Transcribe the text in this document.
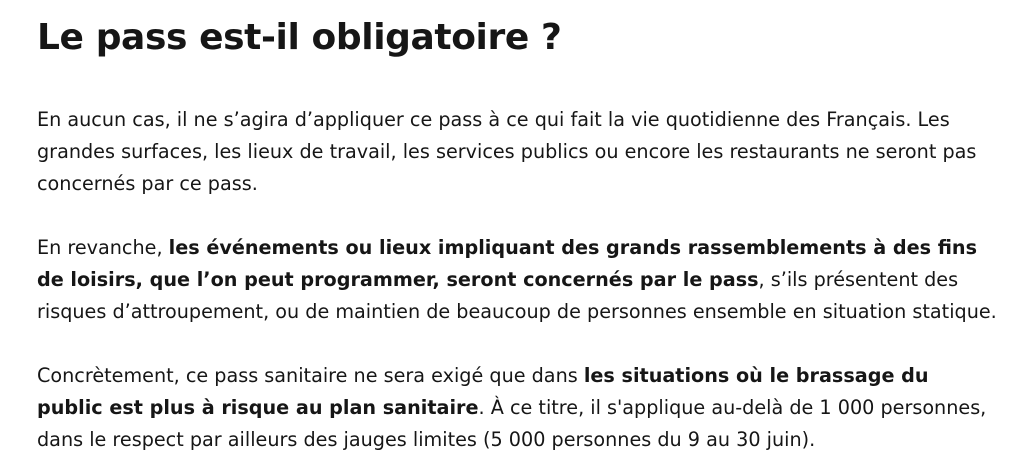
Le pass est-il obligatoire ?

En aucun cas, il ne s’agira d’appliquer ce pass à ce qui fait la vie quotidienne des Français. Les grandes surfaces, les lieux de travail, les services publics ou encore les restaurants ne seront pas concernés par ce pass.

En revanche, les événements ou lieux impliquant des grands rassemblements à des fins de loisirs, que l’on peut programmer, seront concernés par le pass, s’ils présentent des risques d’attroupement, ou de maintien de beaucoup de personnes ensemble en situation statique.

Concrètement, ce pass sanitaire ne sera exigé que dans les situations où le brassage du public est plus à risque au plan sanitaire. À ce titre, il s'applique au-delà de 1 000 personnes, dans le respect par ailleurs des jauges limites (5 000 personnes du 9 au 30 juin).
